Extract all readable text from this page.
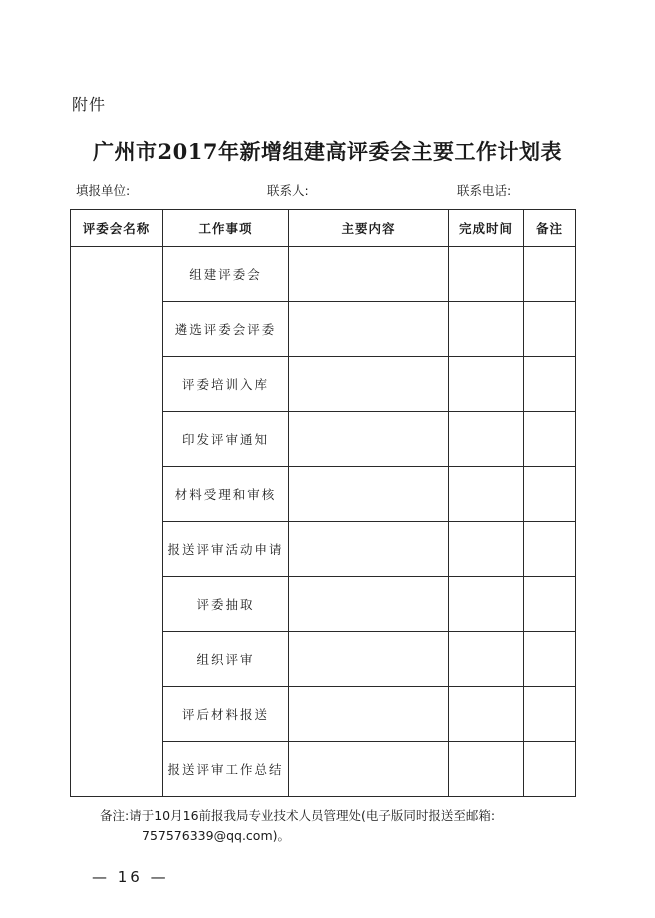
附件
广州市2017年新增组建高评委会主要工作计划表
填报单位:	联系人:	联系电话:
评委会名称	工作事项	主要内容	完成时间	备注
	组建评委会			
	遴选评委会评委			
	评委培训入库			
	印发评审通知			
	材料受理和审核			
	报送评审活动申请			
	评委抽取			
	组织评审			
	评后材料报送			
	报送评审工作总结			
备注:请于10月16前报我局专业技术人员管理处(电子版同时报送至邮箱:
757576339@qq.com)。
— 16 —
